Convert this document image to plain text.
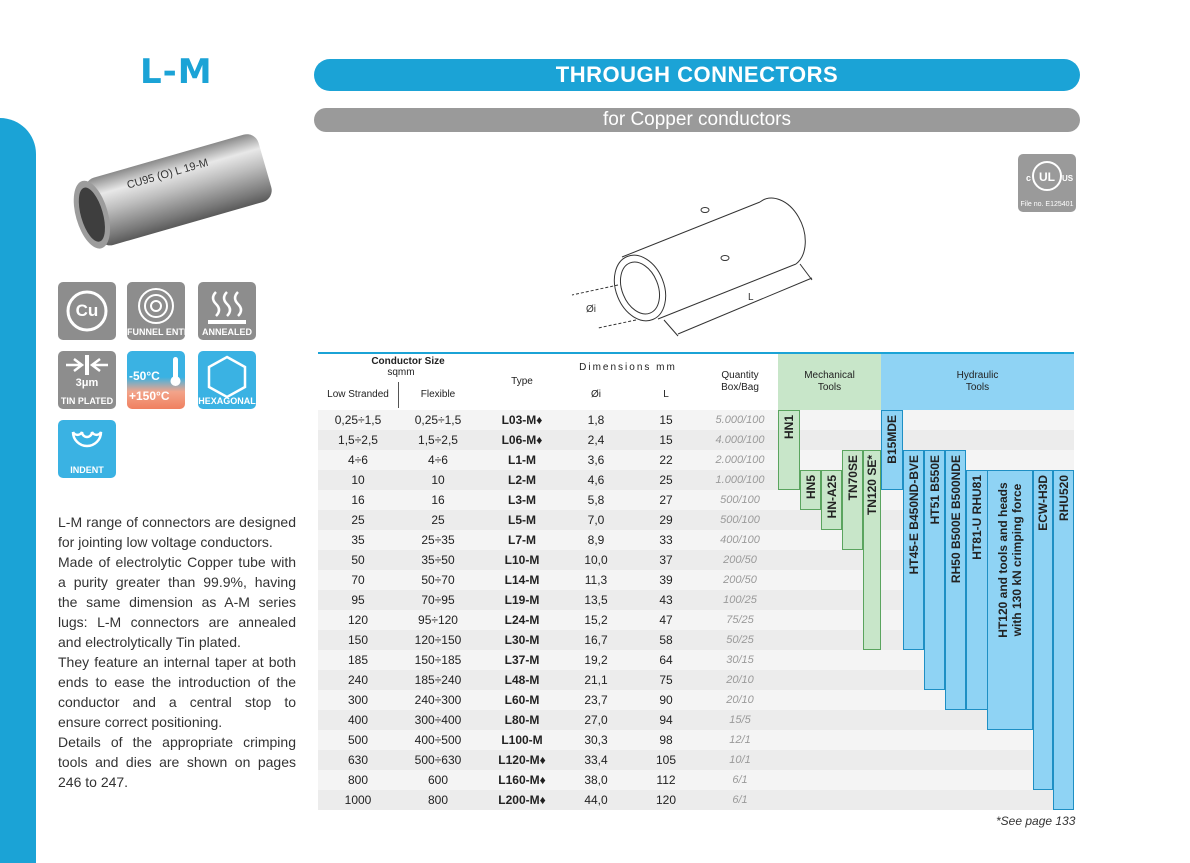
L-M	THROUGH CONNECTORS
for Copper conductors
CU95 (O) L 19-M
Cu
FUNNEL ENTRY ANNEALED
3μm
TIN PLATED
-50°C
+150°C	HEXAGONAL
INDENT

L-M range of connectors are designed for jointing low voltage conductors.

Made of electrolytic Copper tube with a purity greater than 99.9%, having the same dimension as A-M series lugs: L-M connectors are annealed and electrolytically Tin plated.

They feature an internal taper at both ends to ease the introduction of the conductor and a central stop to ensure correct positioning.

Details of the appropriate crimping tools and dies are shown on pages 246 to 247.

UL
c	US
File no. E125401
Øi
L
Conductor Size
sqmm
Low Stranded	Flexible
Type
Dimensions mm
Øi	L
Quantity
Box/Bag
Mechanical
Tools
Hydraulic
Tools
0,25÷1,5	0,25÷1,5	L03-M♦	1,8	15	5.000/100
1,5÷2,5	1,5÷2,5	L06-M♦	2,4	15	4.000/100
4÷6	4÷6	L1-M	3,6	22	2.000/100
10	10	L2-M	4,6	25	1.000/100
16	16	L3-M	5,8	27	500/100
25	25	L5-M	7,0	29	500/100
35	25÷35	L7-M	8,9	33	400/100
50	35÷50	L10-M	10,0	37	200/50
70	50÷70	L14-M	11,3	39	200/50
95	70÷95	L19-M	13,5	43	100/25
120	95÷120	L24-M	15,2	47	75/25
150	120÷150	L30-M	16,7	58	50/25
185	150÷185	L37-M	19,2	64	30/15
240	185÷240	L48-M	21,1	75	20/10
300	240÷300	L60-M	23,7	90	20/10
400	300÷400	L80-M	27,0	94	15/5
500	400÷500	L100-M	30,3	98	12/1
630	500÷630	L120-M♦	33,4	105	10/1
800	600	L160-M♦	38,0	112	6/1
1000	800	L200-M♦	44,0	120	6/1
HN1
HN5 HN-A25 TN70SE TN120 SE*
B15MDE
HT45-E B450ND-BVE HT51 B550E RH50 B500E B500NDE HT81-U RHU81 HT120 and tools and heads with 130 kN crimping force ECW-H3D RHU520
*See page 133
